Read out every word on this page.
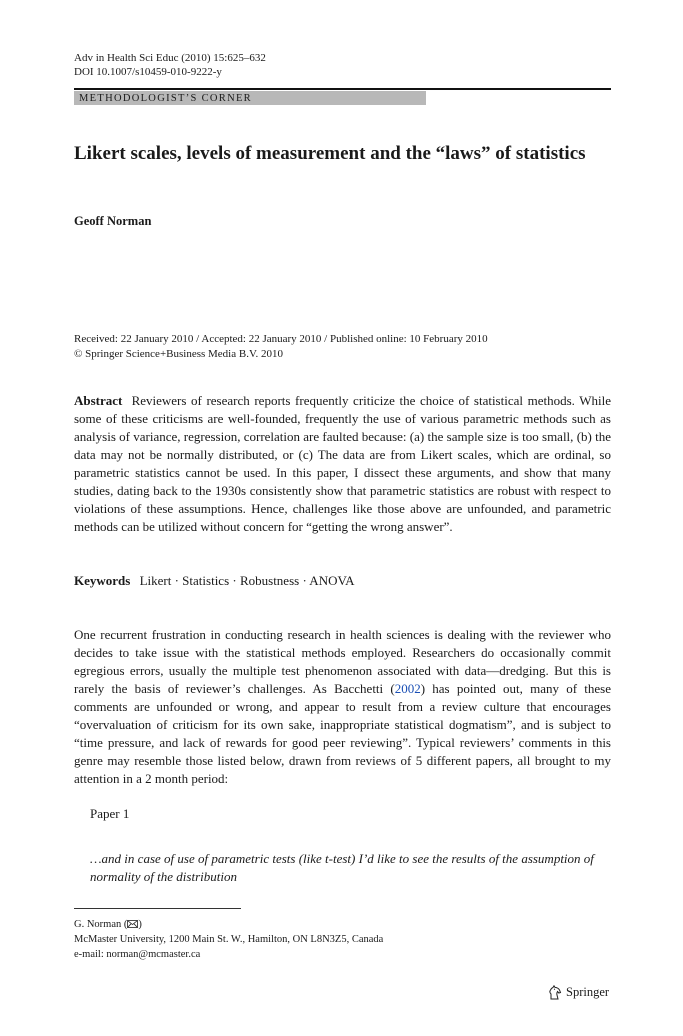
Adv in Health Sci Educ (2010) 15:625–632
DOI 10.1007/s10459-010-9222-y
METHODOLOGIST’S CORNER
Likert scales, levels of measurement and the “laws” of statistics
Geoff Norman
Received: 22 January 2010 / Accepted: 22 January 2010 / Published online: 10 February 2010
© Springer Science+Business Media B.V. 2010
Abstract Reviewers of research reports frequently criticize the choice of statistical methods. While some of these criticisms are well-founded, frequently the use of various parametric methods such as analysis of variance, regression, correlation are faulted because: (a) the sample size is too small, (b) the data may not be normally distributed, or (c) The data are from Likert scales, which are ordinal, so parametric statistics cannot be used. In this paper, I dissect these arguments, and show that many studies, dating back to the 1930s consistently show that parametric statistics are robust with respect to violations of these assumptions. Hence, challenges like those above are unfounded, and parametric methods can be utilized without concern for “getting the wrong answer”.
Keywords Likert · Statistics · Robustness · ANOVA
One recurrent frustration in conducting research in health sciences is dealing with the reviewer who decides to take issue with the statistical methods employed. Researchers do occasionally commit egregious errors, usually the multiple test phenomenon associated with data—dredging. But this is rarely the basis of reviewer’s challenges. As Bacchetti (2002) has pointed out, many of these comments are unfounded or wrong, and appear to result from a review culture that encourages “overvaluation of criticism for its own sake, inappropriate statistical dogmatism”, and is subject to “time pressure, and lack of rewards for good peer reviewing”. Typical reviewers’ comments in this genre may resemble those listed below, drawn from reviews of 5 different papers, all brought to my attention in a 2 month period:
Paper 1
…and in case of use of parametric tests (like t-test) I’d like to see the results of the assumption of normality of the distribution
G. Norman ( )
McMaster University, 1200 Main St. W., Hamilton, ON L8N3Z5, Canada
e-mail: norman@mcmaster.ca
Springer
